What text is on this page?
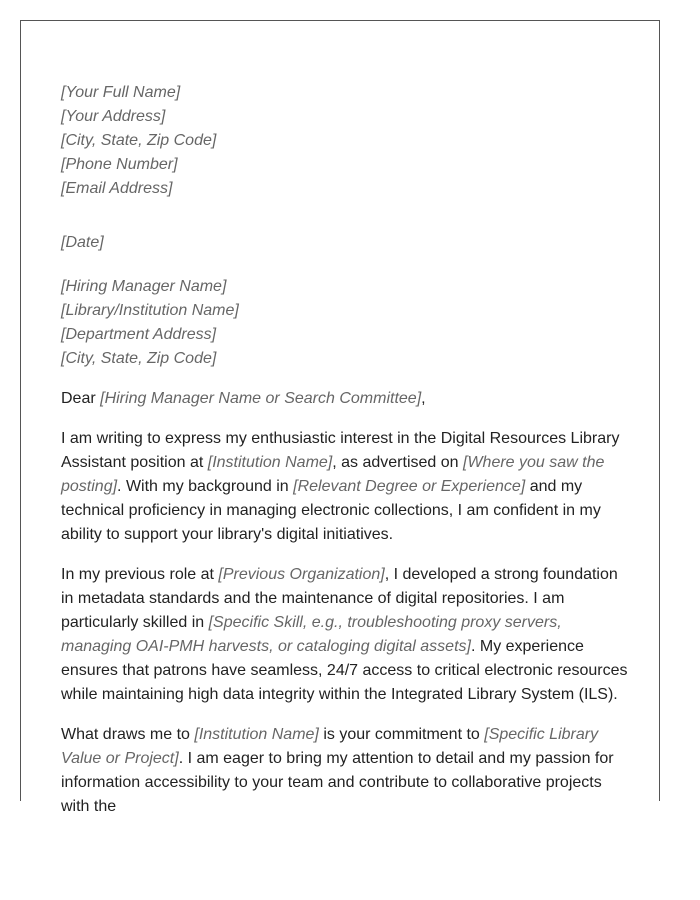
[Your Full Name]
[Your Address]
[City, State, Zip Code]
[Phone Number]
[Email Address]
[Date]
[Hiring Manager Name]
[Library/Institution Name]
[Department Address]
[City, State, Zip Code]

Dear [Hiring Manager Name or Search Committee],

I am writing to express my enthusiastic interest in the Digital Resources Library Assistant position at [Institution Name], as advertised on [Where you saw the posting]. With my background in [Relevant Degree or Experience] and my technical proficiency in managing electronic collections, I am confident in my ability to support your library's digital initiatives.

In my previous role at [Previous Organization], I developed a strong foundation in metadata standards and the maintenance of digital repositories. I am particularly skilled in [Specific Skill, e.g., troubleshooting proxy servers, managing OAI-PMH harvests, or cataloging digital assets]. My experience ensures that patrons have seamless, 24/7 access to critical electronic resources while maintaining high data integrity within the Integrated Library System (ILS).

What draws me to [Institution Name] is your commitment to [Specific Library Value or Project]. I am eager to bring my attention to detail and my passion for information accessibility to your team and contribute to collaborative projects with the
